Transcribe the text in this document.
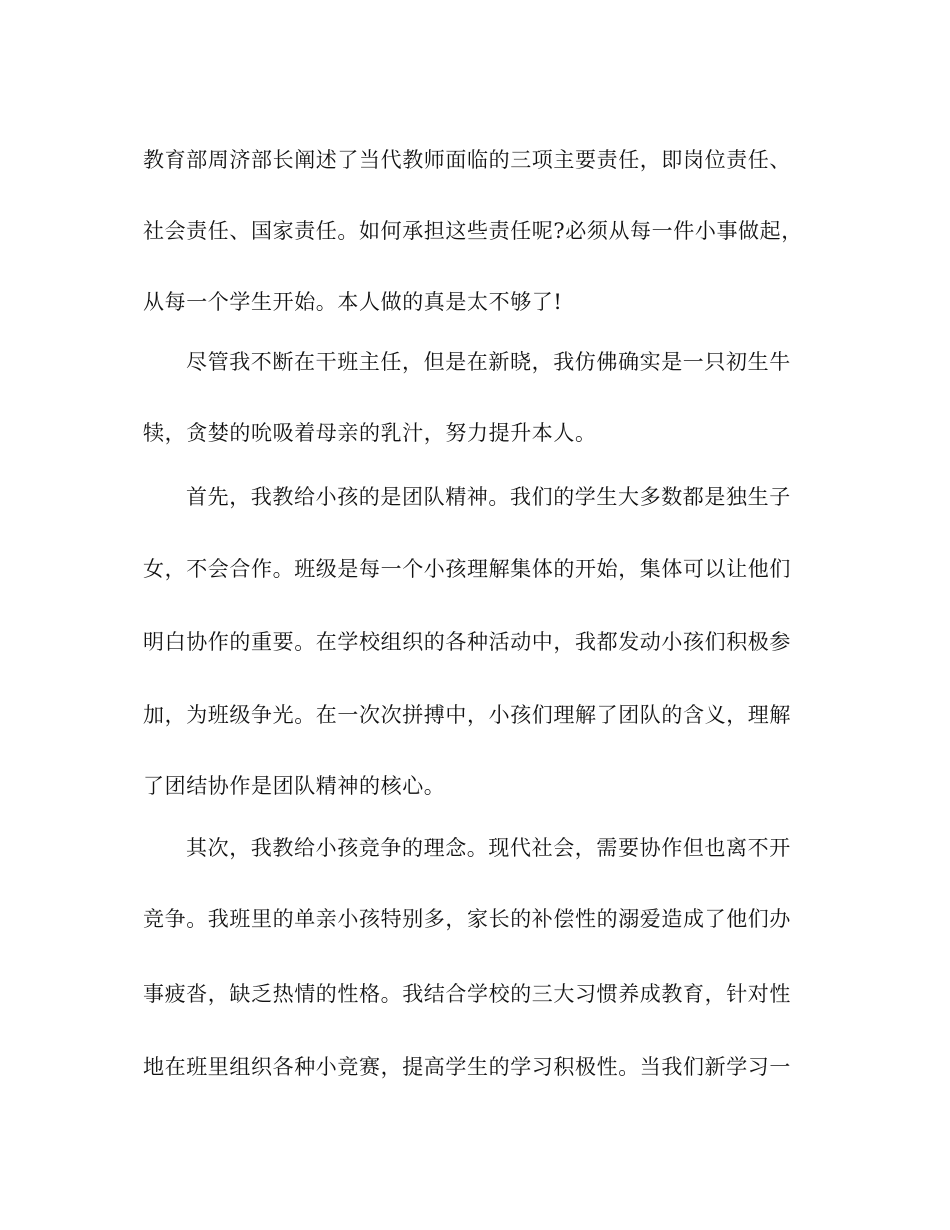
教育部周济部长阐述了当代教师面临的三项主要责任，即岗位责任、
社会责任、国家责任。如何承担这些责任呢?必须从每一件小事做起，
从每一个学生开始。本人做的真是太不够了!
尽管我不断在干班主任，但是在新晓，我仿佛确实是一只初生牛
犊，贪婪的吮吸着母亲的乳汁，努力提升本人。
首先，我教给小孩的是团队精神。我们的学生大多数都是独生子
女，不会合作。班级是每一个小孩理解集体的开始，集体可以让他们
明白协作的重要。在学校组织的各种活动中，我都发动小孩们积极参
加，为班级争光。在一次次拼搏中，小孩们理解了团队的含义，理解
了团结协作是团队精神的核心。
其次，我教给小孩竞争的理念。现代社会，需要协作但也离不开
竞争。我班里的单亲小孩特别多，家长的补偿性的溺爱造成了他们办
事疲沓，缺乏热情的性格。我结合学校的三大习惯养成教育，针对性
地在班里组织各种小竞赛，提高学生的学习积极性。当我们新学习一
